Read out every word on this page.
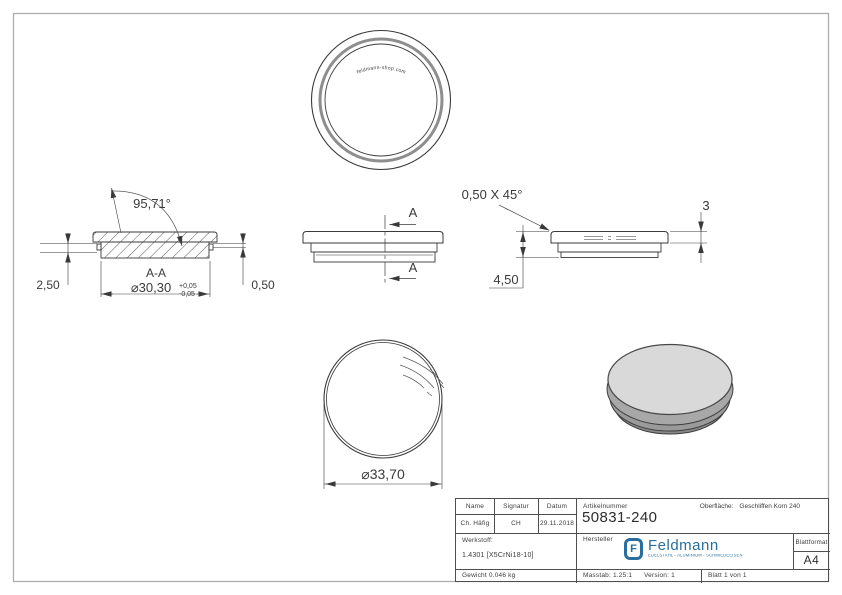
feldmann-shop.com
95,71°
2,50	0,50
A-A
⌀30,30 +0,05
-0,05
A
A
0,50 X 45°
3
4,50
⌀33,70
Name	Signatur	Datum
Ch. Häfig	CH	29.11.2018
Artikelnummer	Oberfläche: Geschliffen Korn 240
50831-240
Werkstoff:
1.4301 [X5CrNi18-10]
Hersteller
F Feldmann
EDELSTAHL - ALUMINIUM - SCHMIEDEEISEN
Blattformat
A4
Gewicht 0.046 kg	Masstab: 1.25:1 Version: 1	Blatt 1 von 1
